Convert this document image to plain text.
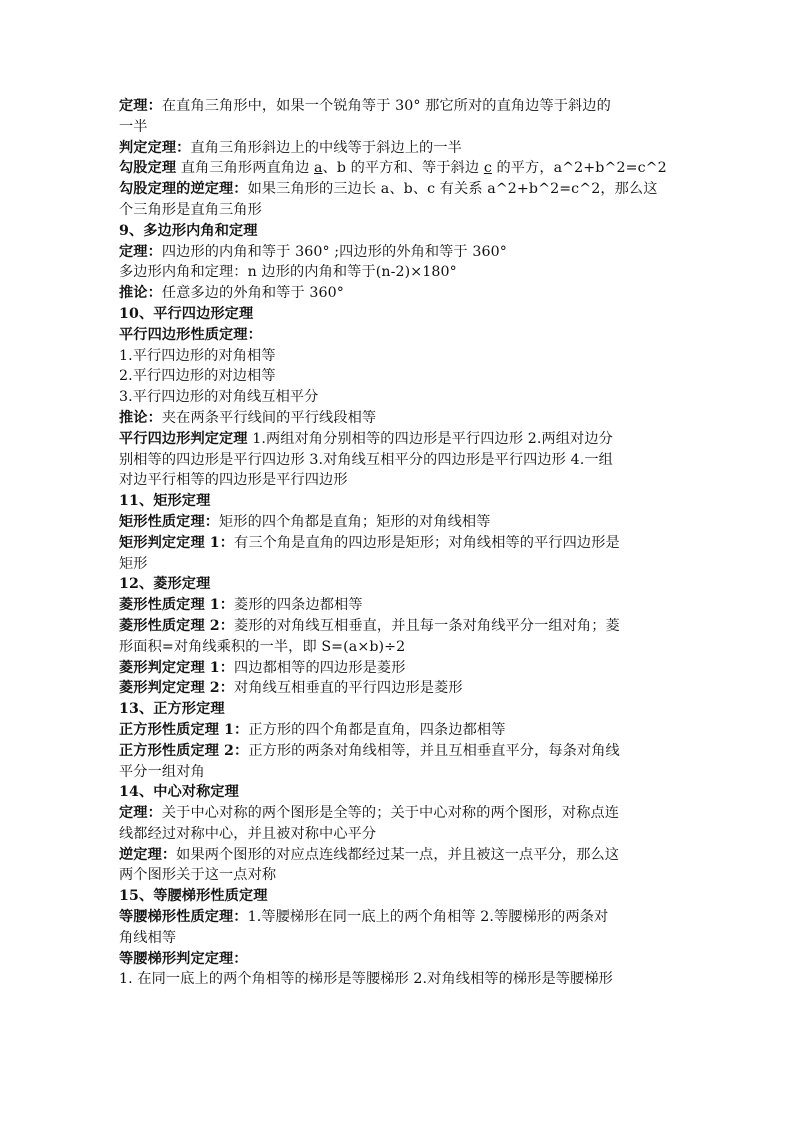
定理：在直角三角形中，如果一个锐角等于 30° 那它所对的直角边等于斜边的
一半
判定定理：直角三角形斜边上的中线等于斜边上的一半
勾股定理 直角三角形两直角边 a、b 的平方和、等于斜边 c 的平方，a^2+b^2=c^2
勾股定理的逆定理：如果三角形的三边长 a、b、c 有关系 a^2+b^2=c^2，那么这
个三角形是直角三角形
9、多边形内角和定理
定理：四边形的内角和等于 360° ;四边形的外角和等于 360°
多边形内角和定理：n 边形的内角和等于(n-2)×180°
推论：任意多边的外角和等于 360°
10、平行四边形定理
平行四边形性质定理：
1.平行四边形的对角相等
2.平行四边形的对边相等
3.平行四边形的对角线互相平分
推论：夹在两条平行线间的平行线段相等
平行四边形判定定理 1.两组对角分别相等的四边形是平行四边形 2.两组对边分
别相等的四边形是平行四边形 3.对角线互相平分的四边形是平行四边形 4.一组
对边平行相等的四边形是平行四边形
11、矩形定理
矩形性质定理：矩形的四个角都是直角；矩形的对角线相等
矩形判定定理 1：有三个角是直角的四边形是矩形；对角线相等的平行四边形是
矩形
12、菱形定理
菱形性质定理 1：菱形的四条边都相等
菱形性质定理 2：菱形的对角线互相垂直，并且每一条对角线平分一组对角；菱
形面积=对角线乘积的一半，即 S=(a×b)÷2
菱形判定定理 1：四边都相等的四边形是菱形
菱形判定定理 2：对角线互相垂直的平行四边形是菱形
13、正方形定理
正方形性质定理 1：正方形的四个角都是直角，四条边都相等
正方形性质定理 2：正方形的两条对角线相等，并且互相垂直平分，每条对角线
平分一组对角
14、中心对称定理
定理：关于中心对称的两个图形是全等的；关于中心对称的两个图形，对称点连
线都经过对称中心，并且被对称中心平分
逆定理：如果两个图形的对应点连线都经过某一点，并且被这一点平分，那么这
两个图形关于这一点对称
15、等腰梯形性质定理
等腰梯形性质定理：1.等腰梯形在同一底上的两个角相等 2.等腰梯形的两条对
角线相等
等腰梯形判定定理：
1. 在同一底上的两个角相等的梯形是等腰梯形 2.对角线相等的梯形是等腰梯形
